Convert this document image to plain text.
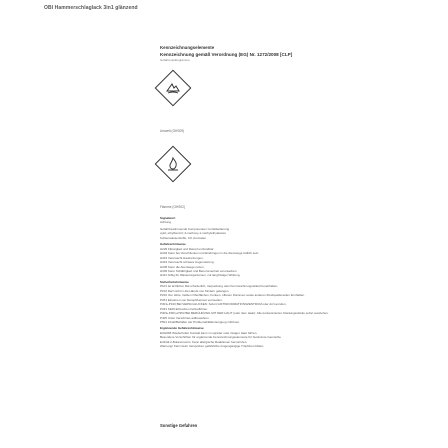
OBI Hammerschlaglack 3in1 glänzend
Kennzeichnungselemente
Kennzeichnung gemäß Verordnung (EG) Nr. 1272/2008 [CLP]
Gefahrenpiktogramme
Umwelt (GHS09)
Flamme (GHS02)
Signalwort
Achtung
Gefahrbestimmende Komponenten zur Etikettierung
xylol; ethylbenzol; 2-methoxy-1-methylethylacetat
Kohlenwasserstoffe, C9, Aromaten
Gefahrenhinweise
H226 Flüssigkeit und Dampf entzündbar.
H304 Kann bei Verschlucken und Eindringen in die Atemwege tödlich sein.
H315 Verursacht Hautreizungen.
H319 Verursacht schwere Augenreizung.
H335 Kann die Atemwege reizen.
H336 Kann Schläfrigkeit und Benommenheit verursachen.
H411 Giftig für Wasserorganismen, mit langfristiger Wirkung.
Sicherheitshinweise
P101 Ist ärztlicher Rat erforderlich, Verpackung oder Kennzeichnungsetikett bereithalten.
P102 Darf nicht in die Hände von Kindern gelangen.
P210 Von Hitze, heißen Oberflächen, Funken, offenen Flammen sowie anderen Zündquellenarten fernhalten.
P261 Einatmen von Dampf/Aerosol vermeiden.
P301+P310 BEI VERSCHLUCKEN: Sofort GIFTINFORMATIONSZENTRUM oder Arzt anrufen.
P331 KEIN Erbrechen herbeiführen.
P303+P361+P353 BEI BERÜHRUNG MIT DER HAUT (oder dem Haar): Alle kontaminierten Kleidungsstücke sofort ausziehen.
P405 Unter Verschluss aufbewahren.
P501 Inhalt/Behälter der Problemabfallentsorgung zuführen.
Ergänzende Gefahrenhinweise
EUH066 Wiederholter Kontakt kann zu spröder oder rissiger Haut führen.
Besondere Vorschriften für ergänzende Kennzeichnungselemente für bestimmte Gemische
Enthält 2-Butanonoxim. Kann allergische Reaktionen hervorrufen.
Warnung! Kann beim Versprühen gefährliche lungengängige Tröpfchen bilden.
Sonstige Gefahren
